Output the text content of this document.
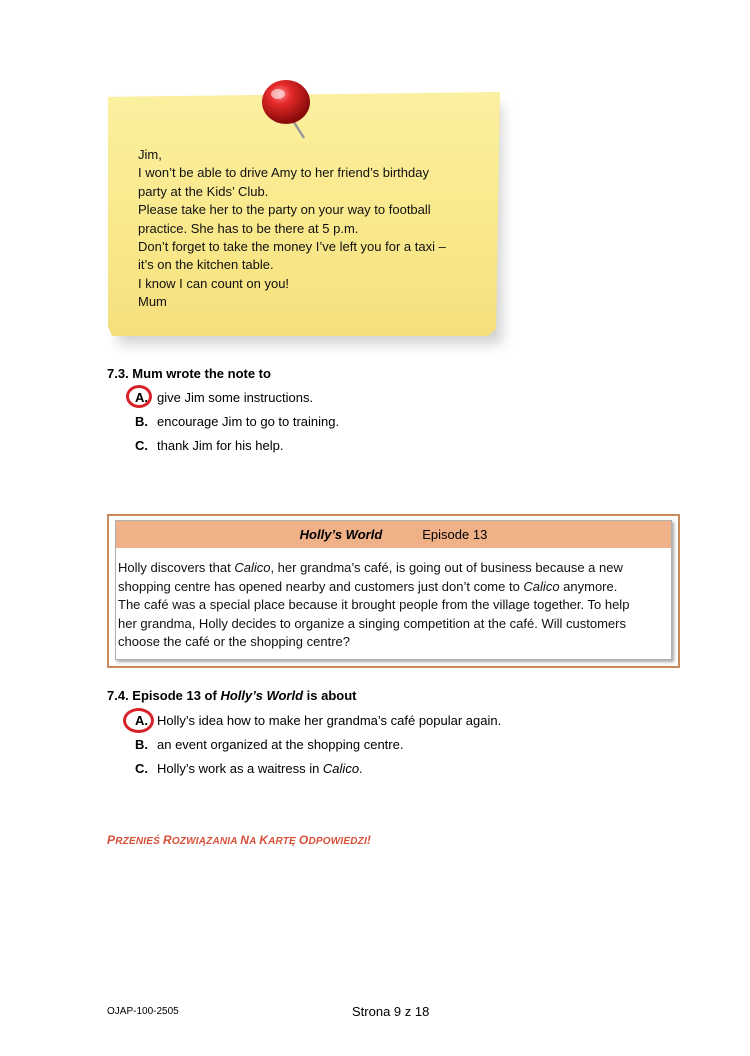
Jim,
I won’t be able to drive Amy to her friend’s birthday
party at the Kids’ Club.
Please take her to the party on your way to football
practice. She has to be there at 5 p.m.
Don’t forget to take the money I’ve left you for a taxi –
it’s on the kitchen table.
I know I can count on you!
Mum
7.3. Mum wrote the note to
A. give Jim some instructions.
B. encourage Jim to go to training.
C. thank Jim for his help.
Holly’s World	Episode 13
Holly discovers that Calico, her grandma’s café, is going out of business because a new
shopping centre has opened nearby and customers just don’t come to Calico anymore.
The café was a special place because it brought people from the village together. To help
her grandma, Holly decides to organize a singing competition at the café. Will customers
choose the café or the shopping centre?
7.4. Episode 13 of Holly’s World is about
A. Holly’s idea how to make her grandma’s café popular again.
B. an event organized at the shopping centre.
C. Holly’s work as a waitress in Calico.
PRZENIEŚ ROZWIĄZANIA NA KARTĘ ODPOWIEDZI!
OJAP-100-2505	Strona 9 z 18
